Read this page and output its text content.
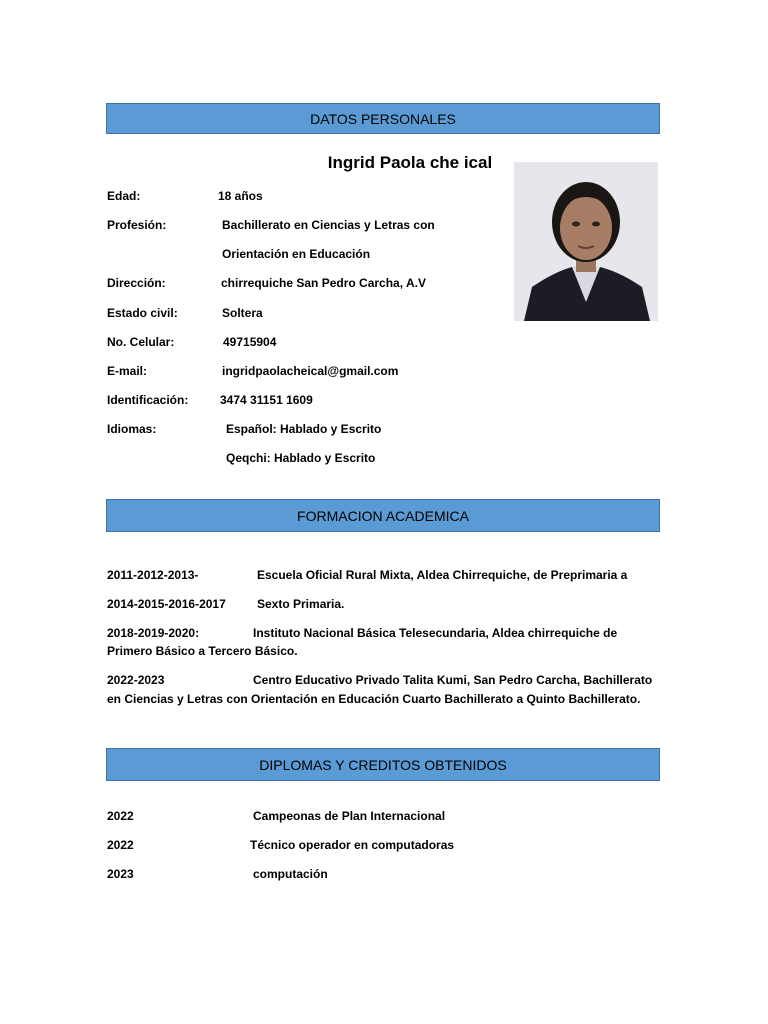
DATOS PERSONALES
Ingrid Paola che ical
Edad:	18 años
Profesión:	Bachillerato en Ciencias y Letras con
Orientación en Educación
Dirección:	chirrequiche San Pedro Carcha, A.V
Estado civil:	Soltera
No. Celular:	49715904
E-mail:	ingridpaolacheical@gmail.com
Identificación:	3474 31151 1609
Idiomas:	Español: Hablado y Escrito
Qeqchi: Hablado y Escrito
FORMACION ACADEMICA
2011-2012-2013-	Escuela Oficial Rural Mixta, Aldea Chirrequiche, de Preprimaria a
2014-2015-2016-2017	Sexto Primaria.
2018-2019-2020:	Instituto Nacional Básica Telesecundaria, Aldea chirrequiche de
Primero Básico a Tercero Básico.
2022-2023	Centro Educativo Privado Talita Kumi, San Pedro Carcha, Bachillerato
en Ciencias y Letras con Orientación en Educación Cuarto Bachillerato a Quinto Bachillerato.
DIPLOMAS Y CREDITOS OBTENIDOS
2022	Campeonas de Plan Internacional
2022	Técnico operador en computadoras
2023	computación
